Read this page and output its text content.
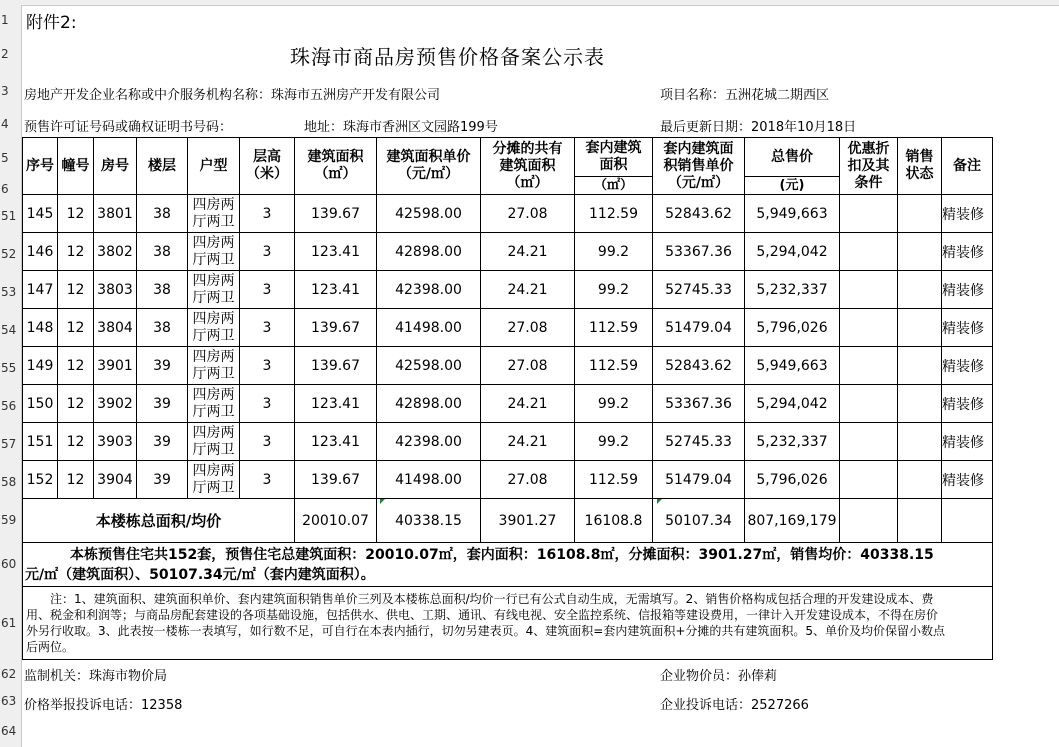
1
2
3
4
5
6
51
52
53
54
55
56
57
58
59
60
61
62
63
64
附件2:
珠海市商品房预售价格备案公示表
房地产开发企业名称或中介服务机构名称：珠海市五洲房产开发有限公司	项目名称：五洲花城二期西区
预售许可证号码或确权证明书号码：	地址：珠海市香洲区文园路199号	最后更新日期：2018年10月18日
序号	幢号	房号	楼层	户型	层高（米）	建筑面积（㎡）	建筑面积单价（元/㎡）	分摊的共有建筑面积（㎡）	套内建筑面积	套内建筑面积销售单价（元/㎡）	总售价	优惠折扣及其条件	销售状态	备注
									（㎡）		(元)			
145	12	3801	38	四房两厅两卫	3	139.67	42598.00	27.08	112.59	52843.62	5,949,663			精装修
146	12	3802	38	四房两厅两卫	3	123.41	42898.00	24.21	99.2	53367.36	5,294,042			精装修
147	12	3803	38	四房两厅两卫	3	123.41	42398.00	24.21	99.2	52745.33	5,232,337			精装修
148	12	3804	38	四房两厅两卫	3	139.67	41498.00	27.08	112.59	51479.04	5,796,026			精装修
149	12	3901	39	四房两厅两卫	3	139.67	42598.00	27.08	112.59	52843.62	5,949,663			精装修
150	12	3902	39	四房两厅两卫	3	123.41	42898.00	24.21	99.2	53367.36	5,294,042			精装修
151	12	3903	39	四房两厅两卫	3	123.41	42398.00	24.21	99.2	52745.33	5,232,337			精装修
152	12	3904	39	四房两厅两卫	3	139.67	41498.00	27.08	112.59	51479.04	5,796,026			精装修
本楼栋总面积/均价						20010.07	40338.15	3901.27	16108.8	50107.34	807,169,179			

本栋预售住宅共152套，预售住宅总建筑面积：20010.07㎡，套内面积：16108.8㎡，分摊面积：3901.27㎡，销售均价：40338.15
元/㎡（建筑面积）、50107.34元/㎡（套内建筑面积）。														

注：1、建筑面积、建筑面积单价、套内建筑面积销售单价三列及本楼栋总面积/均价一行已有公式自动生成，无需填写。2、销售价格构成包括合理的开发建设成本、费
用、税金和利润等；与商品房配套建设的各项基础设施，包括供水、供电、工期、通讯、有线电视、安全监控系统、信报箱等建设费用，一律计入开发建设成本，不得在房价
外另行收取。3、此表按一楼栋一表填写，如行数不足，可自行在本表内插行，切勿另建表页。4、建筑面积=套内建筑面积+分摊的共有建筑面积。5、单价及均价保留小数点
后两位。														
监制机关：珠海市物价局	企业物价员：孙俸莉
价格举报投诉电话：12358	企业投诉电话：2527266
